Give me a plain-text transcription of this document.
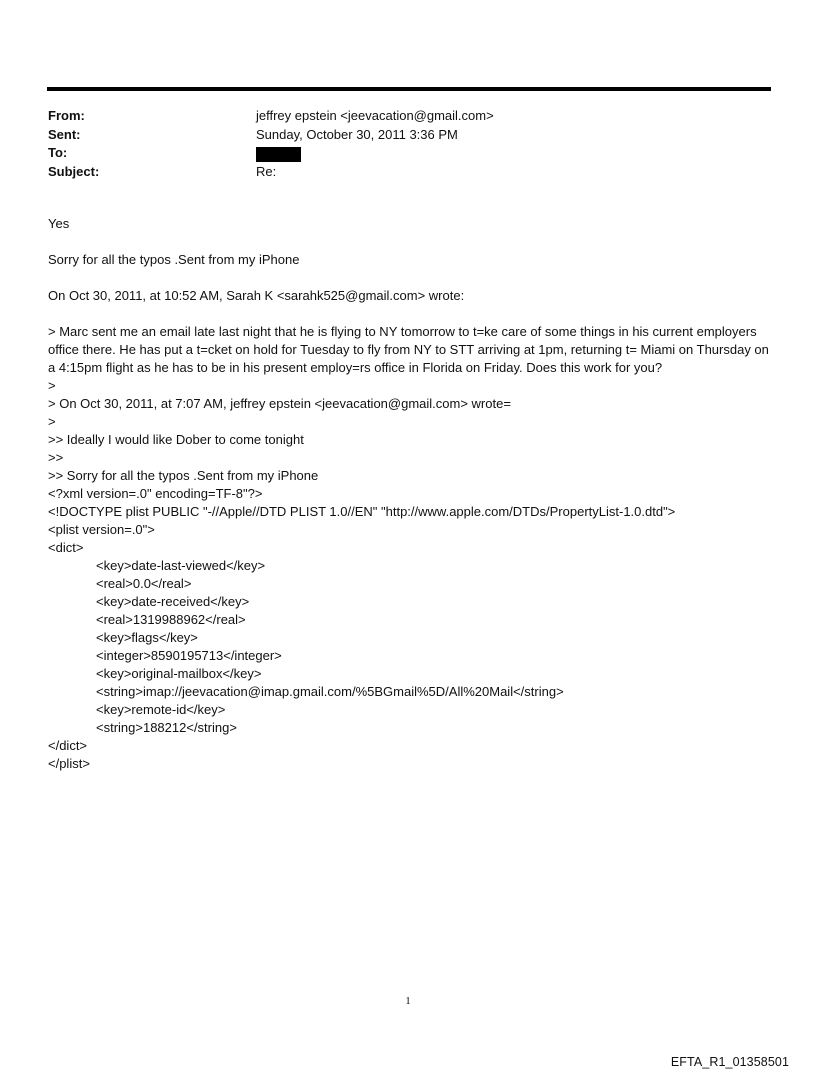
From:	jeffrey epstein <jeevacation@gmail.com>
Sent:	Sunday, October 30, 2011 3:36 PM
To:
Subject:	Re:

Yes

Sorry for all the typos .Sent from my iPhone

On Oct 30, 2011, at 10:52 AM, Sarah K <sarahk525@gmail.com> wrote:

> Marc sent me an email late last night that he is flying to NY tomorrow to t=ke care of some things in his current employers office there. He has put a t=cket on hold for Tuesday to fly from NY to STT arriving at 1pm, returning t= Miami on Thursday on a 4:15pm flight as he has to be in his present employ=rs office in Florida on Friday. Does this work for you?

>

> On Oct 30, 2011, at 7:07 AM, jeffrey epstein <jeevacation@gmail.com> wrote=

>

>> Ideally I would like Dober to come tonight

>>

>> Sorry for all the typos .Sent from my iPhone

<?xml version=.0" encoding=TF-8"?>

<!DOCTYPE plist PUBLIC "-//Apple//DTD PLIST 1.0//EN" "http://www.apple.com/DTDs/PropertyList-1.0.dtd">

<plist version=.0">

<dict>

<key>date-last-viewed</key>

<real>0.0</real>

<key>date-received</key>

<real>1319988962</real>

<key>flags</key>

<integer>8590195713</integer>

<key>original-mailbox</key>

<string>imap://jeevacation@imap.gmail.com/%5BGmail%5D/All%20Mail</string>

<key>remote-id</key>

<string>188212</string>

</dict>

</plist>

1
EFTA_R1_01358501
